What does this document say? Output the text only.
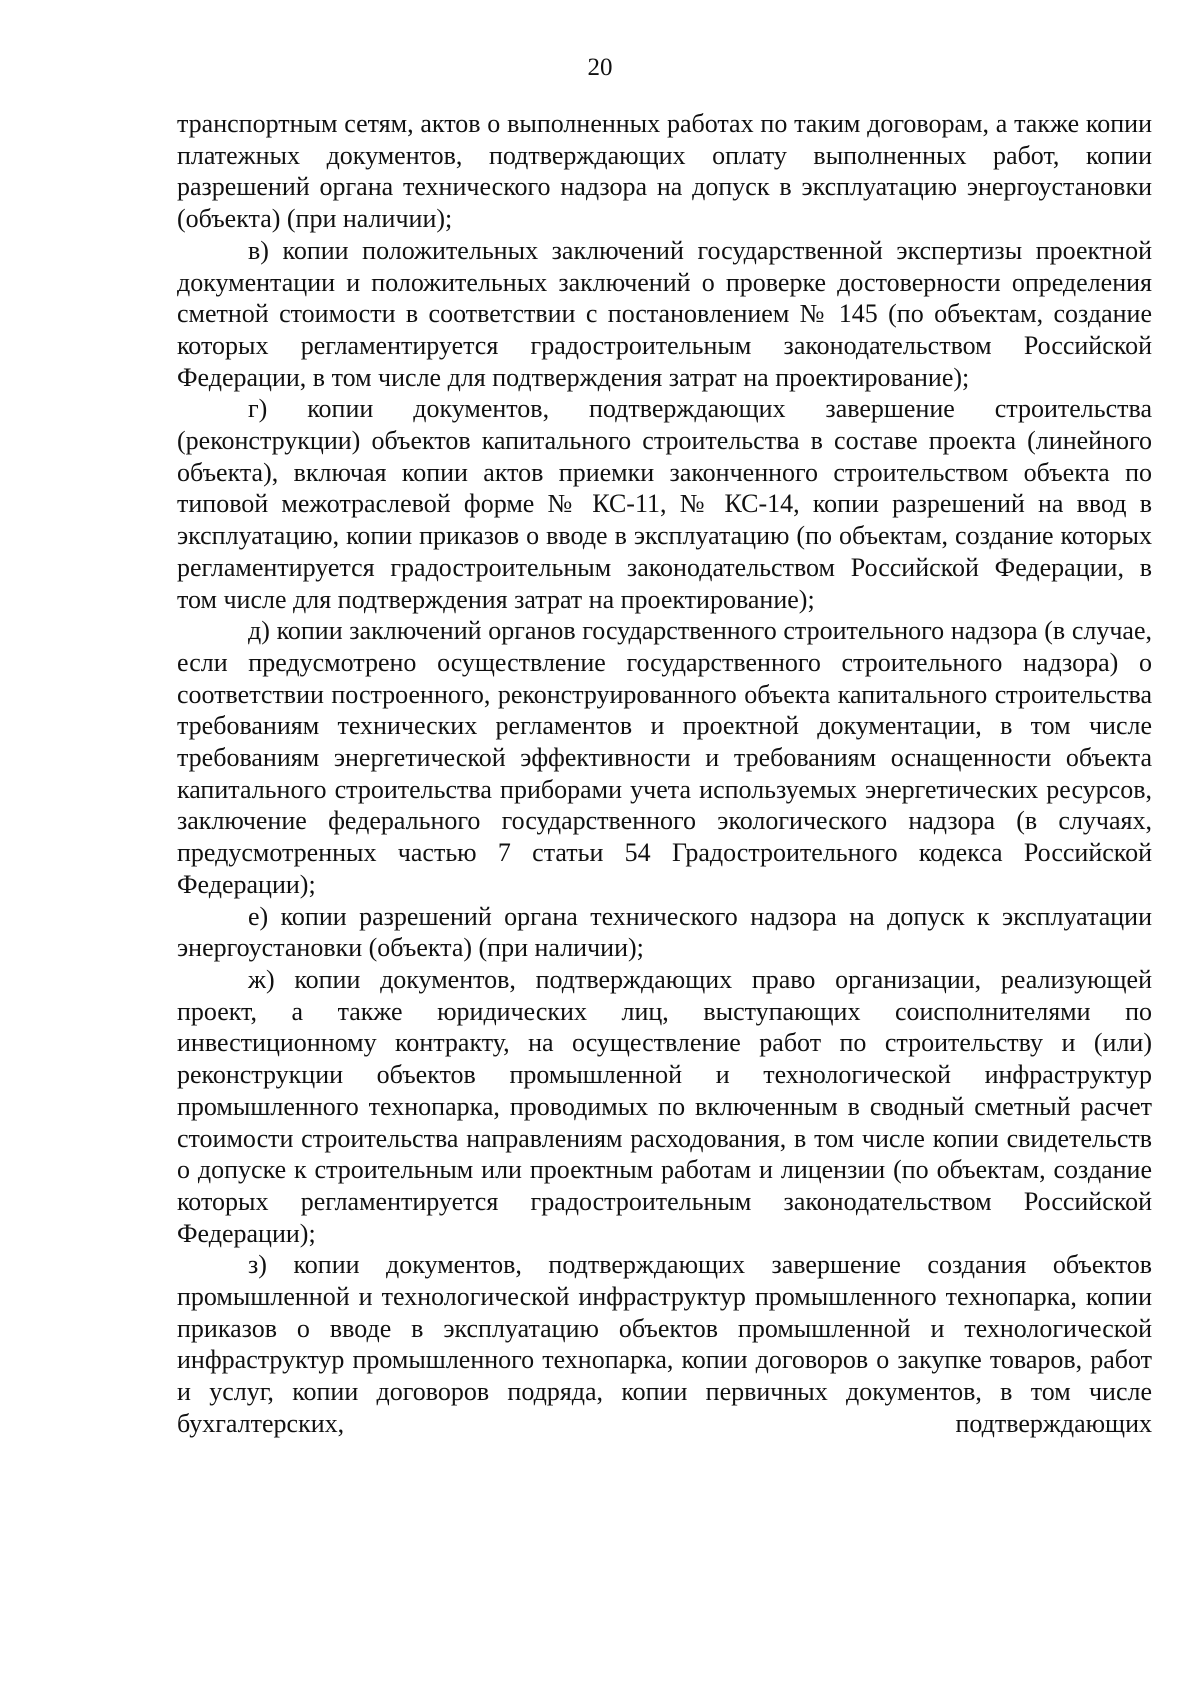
20

транспортным сетям, актов о выполненных работах по таким договорам, а также копии платежных документов, подтверждающих оплату выполненных работ, копии разрешений органа технического надзора на допуск в эксплуатацию энергоустановки (объекта) (при наличии);

в) копии положительных заключений государственной экспертизы проектной документации и положительных заключений о проверке достоверности определения сметной стоимости в соответствии с постановлением № 145 (по объектам, создание которых регламентируется градостроительным законодательством Российской Федерации, в том числе для подтверждения затрат на проектирование);

г) копии документов, подтверждающих завершение строительства (реконструкции) объектов капитального строительства в составе проекта (линейного объекта), включая копии актов приемки законченного строительством объекта по типовой межотраслевой форме № КС-11, № КС-14, копии разрешений на ввод в эксплуатацию, копии приказов о вводе в эксплуатацию (по объектам, создание которых регламентируется градостроительным законодательством Российской Федерации, в том числе для подтверждения затрат на проектирование);

д) копии заключений органов государственного строительного надзора (в случае, если предусмотрено осуществление государственного строительного надзора) о соответствии построенного, реконструированного объекта капитального строительства требованиям технических регламентов и проектной документации, в том числе требованиям энергетической эффективности и требованиям оснащенности объекта капитального строительства приборами учета используемых энергетических ресурсов, заключение федерального государственного экологического надзора (в случаях, предусмотренных частью 7 статьи 54 Градостроительного кодекса Российской Федерации);

е) копии разрешений органа технического надзора на допуск к эксплуатации энергоустановки (объекта) (при наличии);

ж) копии документов, подтверждающих право организации, реализующей проект, а также юридических лиц, выступающих соисполнителями по инвестиционному контракту, на осуществление работ по строительству и (или) реконструкции объектов промышленной и технологической инфраструктур промышленного технопарка, проводимых по включенным в сводный сметный расчет стоимости строительства направлениям расходования, в том числе копии свидетельств о допуске к строительным или проектным работам и лицензии (по объектам, создание которых регламентируется градостроительным законодательством Российской Федерации);

з) копии документов, подтверждающих завершение создания объектов промышленной и технологической инфраструктур промышленного технопарка, копии приказов о вводе в эксплуатацию объектов промышленной и технологической инфраструктур промышленного технопарка, копии договоров о закупке товаров, работ и услуг, копии договоров подряда, копии первичных документов, в том числе бухгалтерских, подтверждающих
